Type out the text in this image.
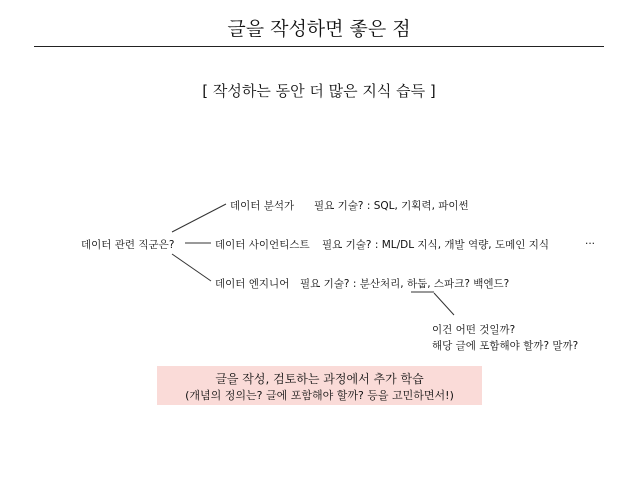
글을 작성하면 좋은 점
[ 작성하는 동안 더 많은 지식 습득 ]
데이터 관련 직군은?
데이터 분석가 필요 기술? : SQL, 기획력, 파이썬
데이터 사이언티스트 필요 기술? : ML/DL 지식, 개발 역량, 도메인 지식	...
데이터 엔지니어 필요 기술? : 분산처리, 하둡, 스파크? 백엔드?
이건 어떤 것일까?
해당 글에 포함해야 할까? 말까?
글을 작성, 검토하는 과정에서 추가 학습
(개념의 정의는? 글에 포함해야 할까? 등을 고민하면서!)
